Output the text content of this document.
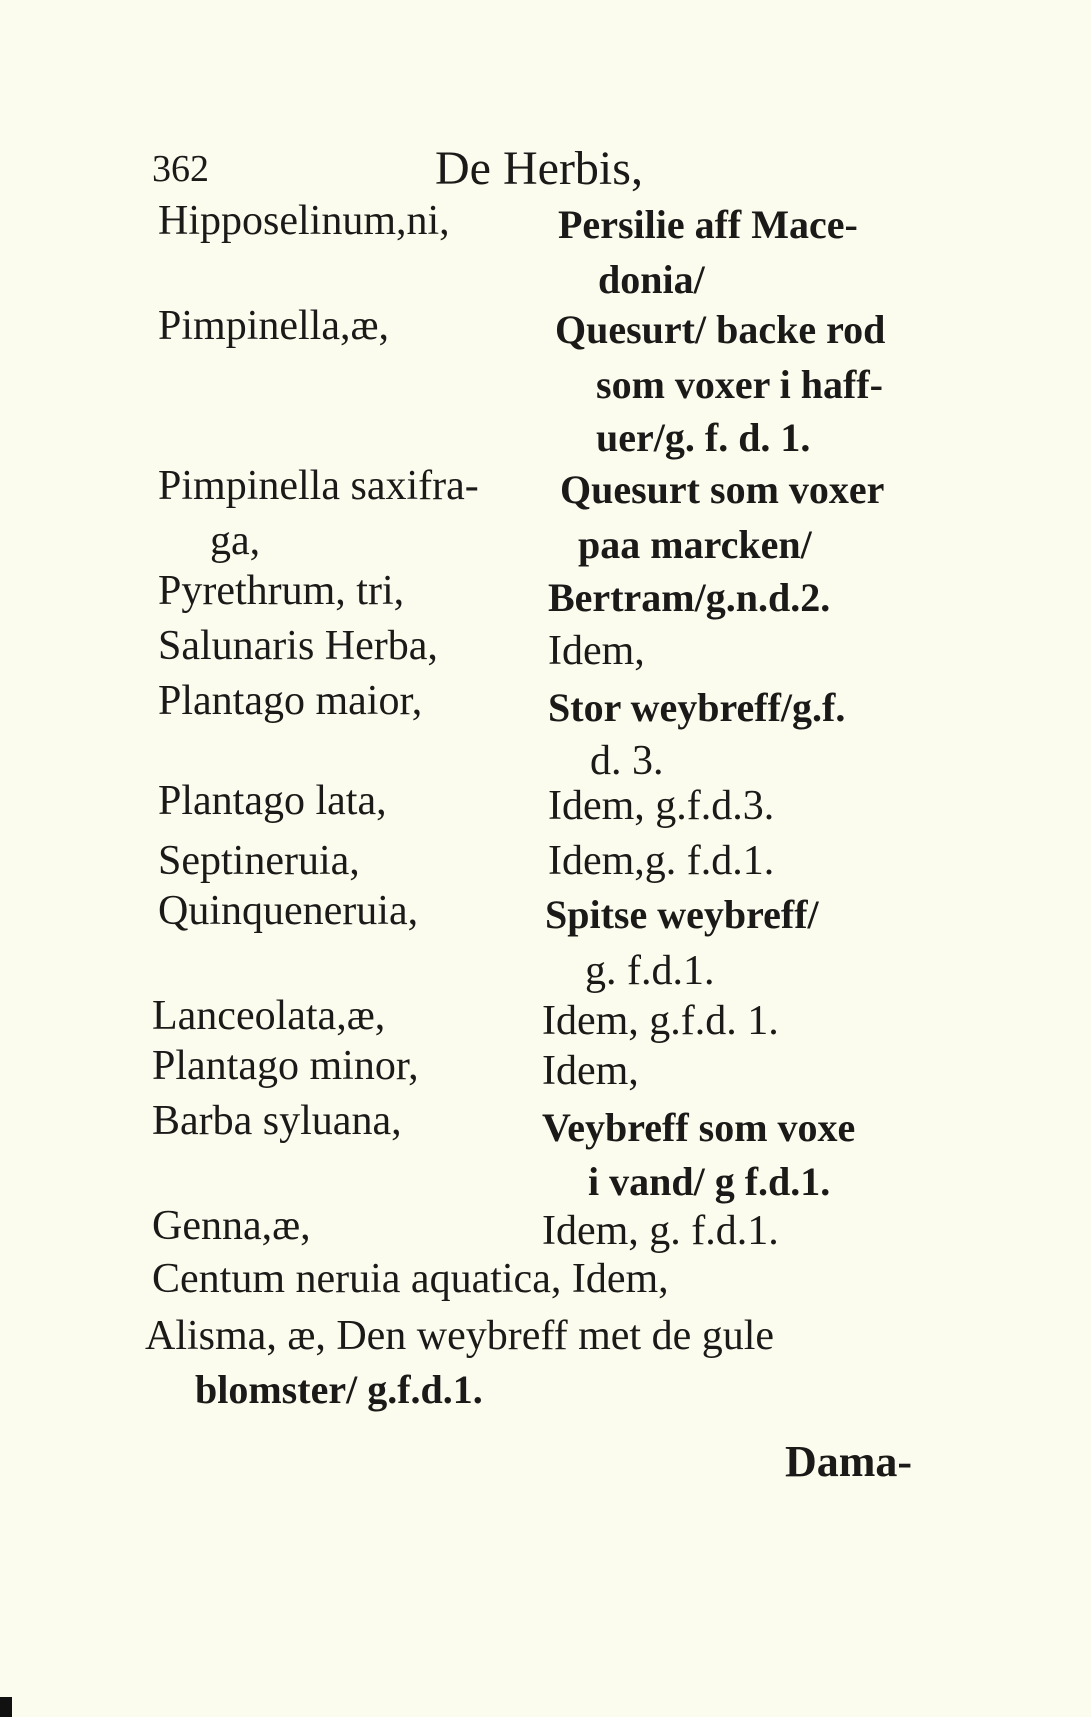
362	De Herbis,
Hipposelinum,ni,
Pimpinella,æ,
Pimpinella saxifra-
ga,
Pyrethrum, tri,
Salunaris Herba,
Plantago maior,
Plantago lata,
Septineruia,
Quinqueneruia,
Lanceolata,æ,
Plantago minor,
Barba syluana,
Genna,æ,
Persilie aff Mace-
donia/
Quesurt/ backe rod
som voxer i haff-
uer/g. f. d. 1.
Quesurt som voxer
paa marcken/
Bertram/g.n.d.2.
Idem,
Stor weybreff/g.f.
d. 3.
Idem, g.f.d.3.
Idem,g. f.d.1.
Spitse weybreff/
g. f.d.1.
Idem, g.f.d. 1.
Idem,
Veybreff som voxe
i vand/ g f.d.1.
Idem, g. f.d.1.
Centum neruia aquatica, Idem,
Alisma, æ, Den weybreff met de gule
blomster/ g.f.d.1.
Dama-
